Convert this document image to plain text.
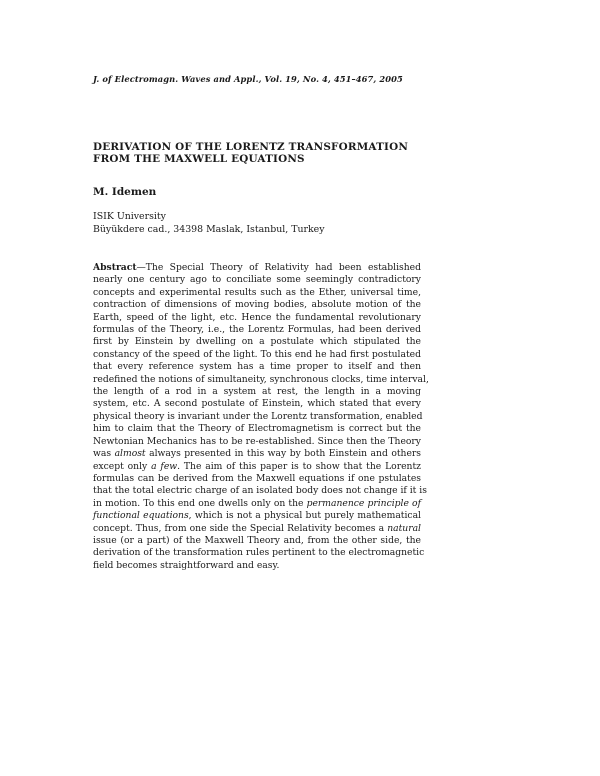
J. of Electromagn. Waves and Appl., Vol. 19, No. 4, 451–467, 2005
DERIVATION OF THE LORENTZ TRANSFORMATION
FROM THE MAXWELL EQUATIONS
M. Idemen
ISIK University
Büyükdere cad., 34398 Maslak, Istanbul, Turkey
Abstract—The Special Theory of Relativity had been established
nearly one century ago to conciliate some seemingly contradictory
concepts and experimental results such as the Ether, universal time,
contraction of dimensions of moving bodies, absolute motion of the
Earth, speed of the light, etc. Hence the fundamental revolutionary
formulas of the Theory, i.e., the Lorentz Formulas, had been derived
first by Einstein by dwelling on a postulate which stipulated the
constancy of the speed of the light. To this end he had first postulated
that every reference system has a time proper to itself and then
redefined the notions of simultaneity, synchronous clocks, time interval,
the length of a rod in a system at rest, the length in a moving
system, etc. A second postulate of Einstein, which stated that every
physical theory is invariant under the Lorentz transformation, enabled
him to claim that the Theory of Electromagnetism is correct but the
Newtonian Mechanics has to be re-established. Since then the Theory
was almost always presented in this way by both Einstein and others
except only a few. The aim of this paper is to show that the Lorentz
formulas can be derived from the Maxwell equations if one pstulates
that the total electric charge of an isolated body does not change if it is
in motion. To this end one dwells only on the permanence principle of
functional equations, which is not a physical but purely mathematical
concept. Thus, from one side the Special Relativity becomes a natural
issue (or a part) of the Maxwell Theory and, from the other side, the
derivation of the transformation rules pertinent to the electromagnetic
field becomes straightforward and easy.
